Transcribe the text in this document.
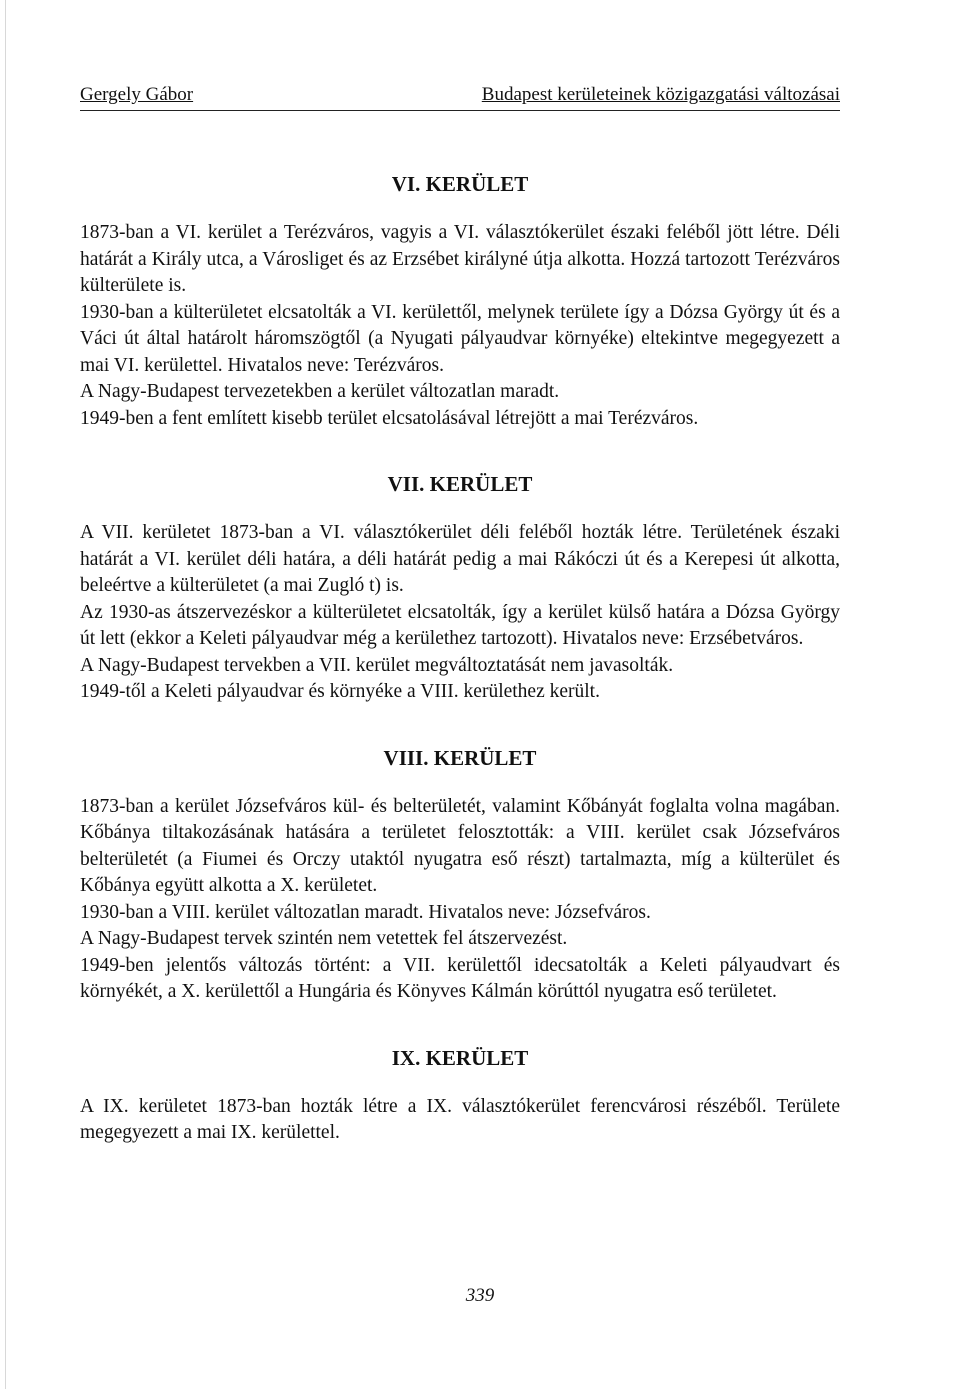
Gergely Gábor	Budapest kerületeinek közigazgatási változásai
VI. KERÜLET

1873-ban a VI. kerület a Terézváros, vagyis a VI. választókerület északi feléből jött létre. Déli határát a Király utca, a Városliget és az Erzsébet királyné útja alkotta. Hozzá tartozott Terézváros külterülete is.

1930-ban a külterületet elcsatolták a VI. kerülettől, melynek területe így a Dózsa György út és a Váci út által határolt háromszögtől (a Nyugati pályaudvar környéke) eltekintve megegyezett a mai VI. kerülettel. Hivatalos neve: Terézváros.

A Nagy-Budapest tervezetekben a kerület változatlan maradt.

1949-ben a fent említett kisebb terület elcsatolásával létrejött a mai Terézváros.

VII. KERÜLET

A VII. kerületet 1873-ban a VI. választókerület déli feléből hozták létre. Területének északi határát a VI. kerület déli határa, a déli határát pedig a mai Rákóczi út és a Kerepesi út alkotta, beleértve a külterületet (a mai Zugló t) is.

Az 1930-as átszervezéskor a külterületet elcsatolták, így a kerület külső határa a Dózsa György út lett (ekkor a Keleti pályaudvar még a kerülethez tartozott). Hivatalos neve: Erzsébetváros.

A Nagy-Budapest tervekben a VII. kerület megváltoztatását nem javasolták.

1949-től a Keleti pályaudvar és környéke a VIII. kerülethez került.

VIII. KERÜLET

1873-ban a kerület Józsefváros kül- és belterületét, valamint Kőbányát foglalta volna magában. Kőbánya tiltakozásának hatására a területet felosztották: a VIII. kerület csak Józsefváros belterületét (a Fiumei és Orczy utaktól nyugatra eső részt) tartalmazta, míg a külterület és Kőbánya együtt alkotta a X. kerületet.

1930-ban a VIII. kerület változatlan maradt. Hivatalos neve: Józsefváros.

A Nagy-Budapest tervek szintén nem vetettek fel átszervezést.

1949-ben jelentős változás történt: a VII. kerülettől idecsatolták a Keleti pályaudvart és környékét, a X. kerülettől a Hungária és Könyves Kálmán körúttól nyugatra eső területet.

IX. KERÜLET

A IX. kerületet 1873-ban hozták létre a IX. választókerület ferencvárosi részéből. Területe megegyezett a mai IX. kerülettel.

339
